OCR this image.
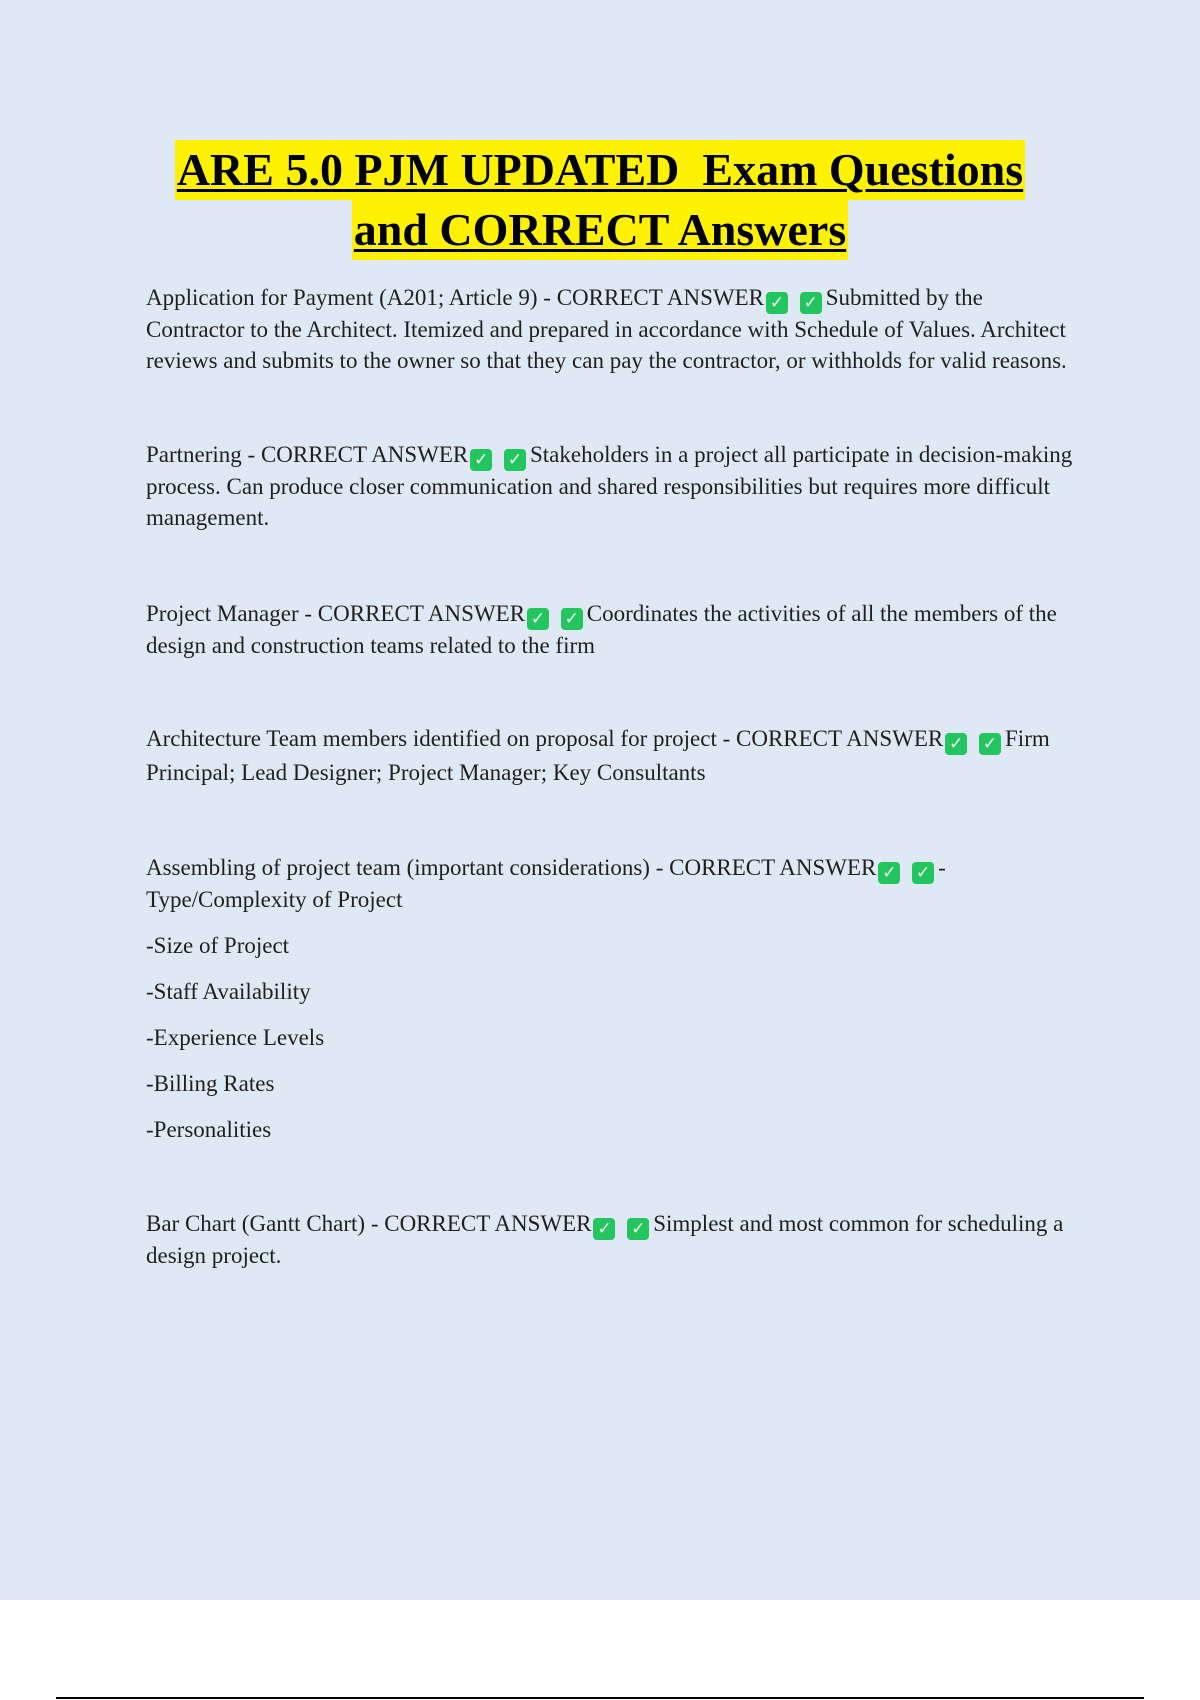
ARE 5.0 PJM UPDATED  Exam Questions
and CORRECT Answers

Application for Payment (A201; Article 9) - CORRECT ANSWER ✓ ✓ Submitted by the Contractor to the Architect. Itemized and prepared in accordance with Schedule of Values. Architect reviews and submits to the owner so that they can pay the contractor, or withholds for valid reasons.

Partnering - CORRECT ANSWER ✓ ✓ Stakeholders in a project all participate in decision-making process. Can produce closer communication and shared responsibilities but requires more difficult management.

Project Manager - CORRECT ANSWER ✓ ✓ Coordinates the activities of all the members of the design and construction teams related to the firm

Architecture Team members identified on proposal for project - CORRECT ANSWER ✓ ✓ Firm Principal; Lead Designer; Project Manager; Key Consultants

Assembling of project team (important considerations) - CORRECT ANSWER ✓ ✓ -Type/Complexity of Project

-Size of Project

-Staff Availability

-Experience Levels

-Billing Rates

-Personalities

Bar Chart (Gantt Chart) - CORRECT ANSWER ✓ ✓ Simplest and most common for scheduling a design project.
